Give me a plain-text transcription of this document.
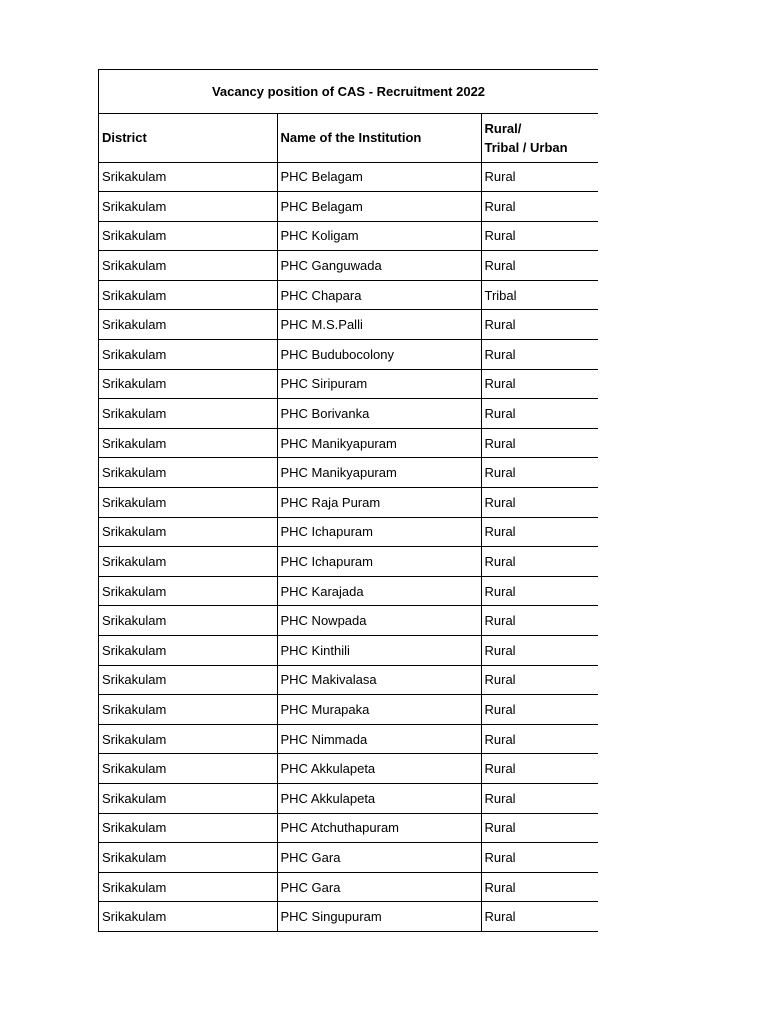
Vacancy position of CAS - Recruitment 2022
District	Name of the Institution	Rural/
Tribal / Urban
Srikakulam	PHC Belagam	Rural
Srikakulam	PHC Belagam	Rural
Srikakulam	PHC Koligam	Rural
Srikakulam	PHC Ganguwada	Rural
Srikakulam	PHC Chapara	Tribal
Srikakulam	PHC M.S.Palli	Rural
Srikakulam	PHC Budubocolony	Rural
Srikakulam	PHC Siripuram	Rural
Srikakulam	PHC Borivanka	Rural
Srikakulam	PHC Manikyapuram	Rural
Srikakulam	PHC Manikyapuram	Rural
Srikakulam	PHC Raja Puram	Rural
Srikakulam	PHC Ichapuram	Rural
Srikakulam	PHC Ichapuram	Rural
Srikakulam	PHC Karajada	Rural
Srikakulam	PHC Nowpada	Rural
Srikakulam	PHC Kinthili	Rural
Srikakulam	PHC Makivalasa	Rural
Srikakulam	PHC Murapaka	Rural
Srikakulam	PHC Nimmada	Rural
Srikakulam	PHC Akkulapeta	Rural
Srikakulam	PHC Akkulapeta	Rural
Srikakulam	PHC Atchuthapuram	Rural
Srikakulam	PHC Gara	Rural
Srikakulam	PHC Gara	Rural
Srikakulam	PHC Singupuram	Rural
